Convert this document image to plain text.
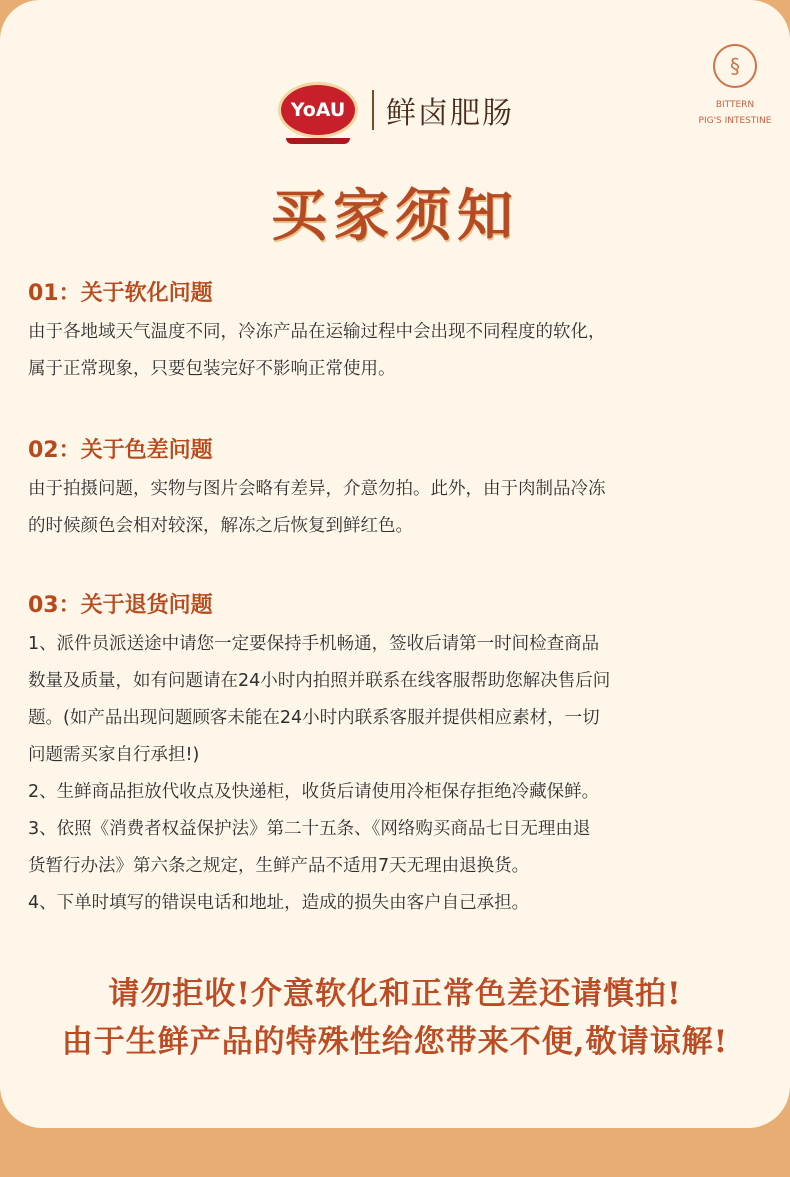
YoAU	鲜卤肥肠
§
BITTERN
PIG'S INTESTINE
买家须知
01：关于软化问题
由于各地域天气温度不同，冷冻产品在运输过程中会出现不同程度的软化，
属于正常现象，只要包装完好不影响正常使用。
02：关于色差问题
由于拍摄问题，实物与图片会略有差异，介意勿拍。此外，由于肉制品冷冻
的时候颜色会相对较深，解冻之后恢复到鲜红色。
03：关于退货问题
1、派件员派送途中请您一定要保持手机畅通，签收后请第一时间检查商品
数量及质量，如有问题请在24小时内拍照并联系在线客服帮助您解决售后问
题。(如产品出现问题顾客未能在24小时内联系客服并提供相应素材，一切
问题需买家自行承担!)
2、生鲜商品拒放代收点及快递柜，收货后请使用冷柜保存拒绝冷藏保鲜。
3、依照《消费者权益保护法》第二十五条、《网络购买商品七日无理由退
货暂行办法》第六条之规定，生鲜产品不适用7天无理由退换货。
4、下单时填写的错误电话和地址，造成的损失由客户自己承担。
请勿拒收!介意软化和正常色差还请慎拍!
由于生鲜产品的特殊性给您带来不便,敬请谅解!
